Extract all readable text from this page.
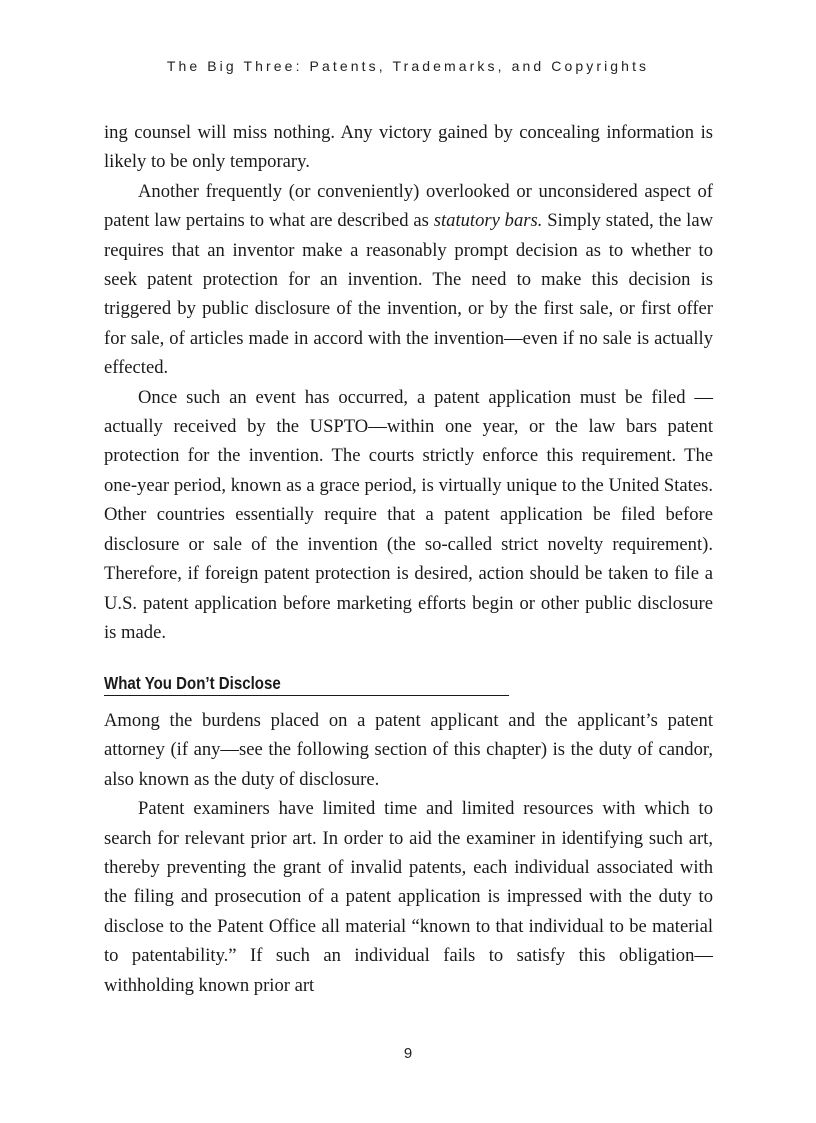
The Big Three: Patents, Trademarks, and Copyrights

ing counsel will miss nothing. Any victory gained by concealing information is likely to be only temporary.

Another frequently (or conveniently) overlooked or unconsidered aspect of patent law pertains to what are described as statutory bars. Simply stated, the law requires that an inventor make a reasonably prompt decision as to whether to seek patent protection for an invention. The need to make this decision is triggered by public disclosure of the invention, or by the first sale, or first offer for sale, of articles made in accord with the invention—even if no sale is actually effected.

Once such an event has occurred, a patent application must be filed —actually received by the USPTO—within one year, or the law bars patent protection for the invention. The courts strictly enforce this requirement. The one-year period, known as a grace period, is virtually unique to the United States. Other countries essentially require that a patent application be filed before disclosure or sale of the invention (the so-called strict novelty requirement). Therefore, if foreign patent protection is desired, action should be taken to file a U.S. patent application before marketing efforts begin or other public disclosure is made.

What You Don’t Disclose

Among the burdens placed on a patent applicant and the applicant’s patent attorney (if any—see the following section of this chapter) is the duty of candor, also known as the duty of disclosure.

Patent examiners have limited time and limited resources with which to search for relevant prior art. In order to aid the examiner in identifying such art, thereby preventing the grant of invalid patents, each individual associated with the filing and prosecution of a patent application is impressed with the duty to disclose to the Patent Office all material “known to that individual to be material to patentability.” If such an individual fails to satisfy this obligation—withholding known prior art

9
